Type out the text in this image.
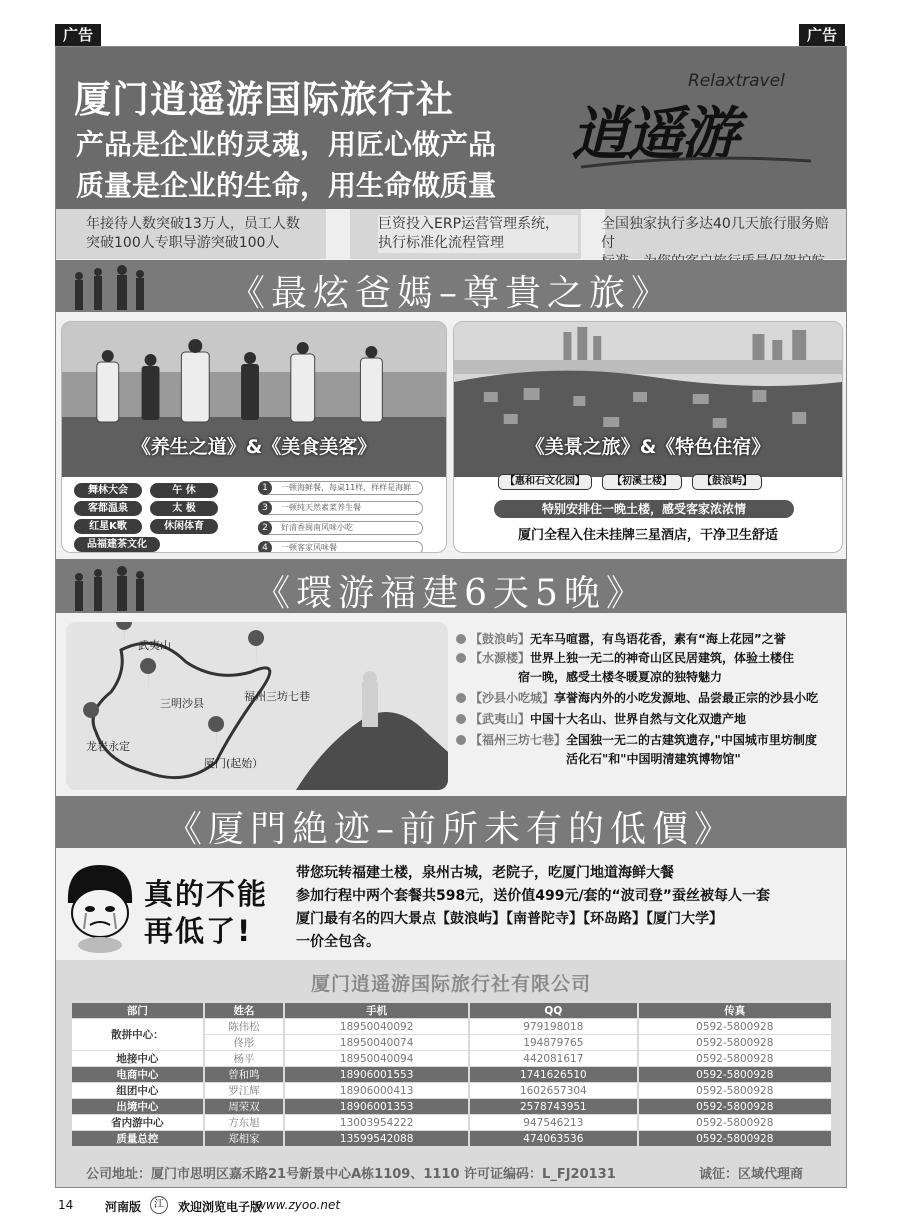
广告	广告
厦门逍遥游国际旅行社
产品是企业的灵魂，用匠心做产品
质量是企业的生命，用生命做质量
Relaxtravel
逍遥游
年接待人数突破13万人，员工人数
突破100人专职导游突破100人
巨资投入ERP运营管理系统，
执行标准化流程管理
全国独家执行多达40几天旅行服务赔付
《最炫爸媽–尊貴之旅》
《养生之道》&《美食美客》
舞林大会	午 休
客都温泉	太 极
红星K歌	休闲体育
品福建茶文化
1	一顿海鲜餐，每桌11样，样样是海鲜
3	一顿纯天然素菜养生餐
2	好清香闽南风味小吃
4	一顿客家风味餐
《美景之旅》&《特色住宿》
【惠和石文化园】	【初溪土楼】	【鼓浪屿】
特别安排住一晚土楼，感受客家浓浓情
厦门全程入住未挂牌三星酒店，干净卫生舒适
《環游福建6天5晚》
武夷山
三明沙县
福州三坊七巷
龙岩永定
厦门(起始）
【鼓浪屿】无车马喧嚣，有鸟语花香，素有“海上花园”之誉
【水源楼】世界上独一无二的神奇山区民居建筑，体验土楼住
宿一晚，感受土楼冬暖夏凉的独特魅力
【沙县小吃城】享誉海内外的小吃发源地、品尝最正宗的沙县小吃
【武夷山】中国十大名山、世界自然与文化双遗产地
【福州三坊七巷】全国独一无二的古建筑遗存,"中国城市里坊制度
活化石"和"中国明清建筑博物馆"
《厦門絶迹–前所未有的低價》
真的不能
再低了!
带您玩转福建土楼，泉州古城，老院子，吃厦门地道海鲜大餐
参加行程中两个套餐共598元，送价值499元/套的“波司登”蚕丝被每人一套
厦门最有名的四大景点【鼓浪屿】【南普陀寺】【环岛路】【厦门大学】
一价全包含。
厦门逍遥游国际旅行社有限公司
部门	姓名	手机	QQ	传真
散拼中心：	陈伟松	18950040092	979198018	0592-5800928
	佟彤	18950040074	194879765	0592-5800928
地接中心	杨平	18950040094	442081617	0592-5800928
电商中心	曾和鸣	18906001553	1741626510	0592-5800928
组团中心	罗江辉	18906000413	1602657304	0592-5800928
出境中心	周荣双	18906001353	2578743951	0592-5800928
省内游中心	方东旭	13003954222	947546213	0592-5800928
质量总控	郑相家	13599542088	474063536	0592-5800928
公司地址：厦门市思明区嘉禾路21号新景中心A栋1109、1110 许可证编码：L_FJ20131	诚征：区域代理商
14	河南版	江	欢迎浏览电子版
www.zyoo.net
